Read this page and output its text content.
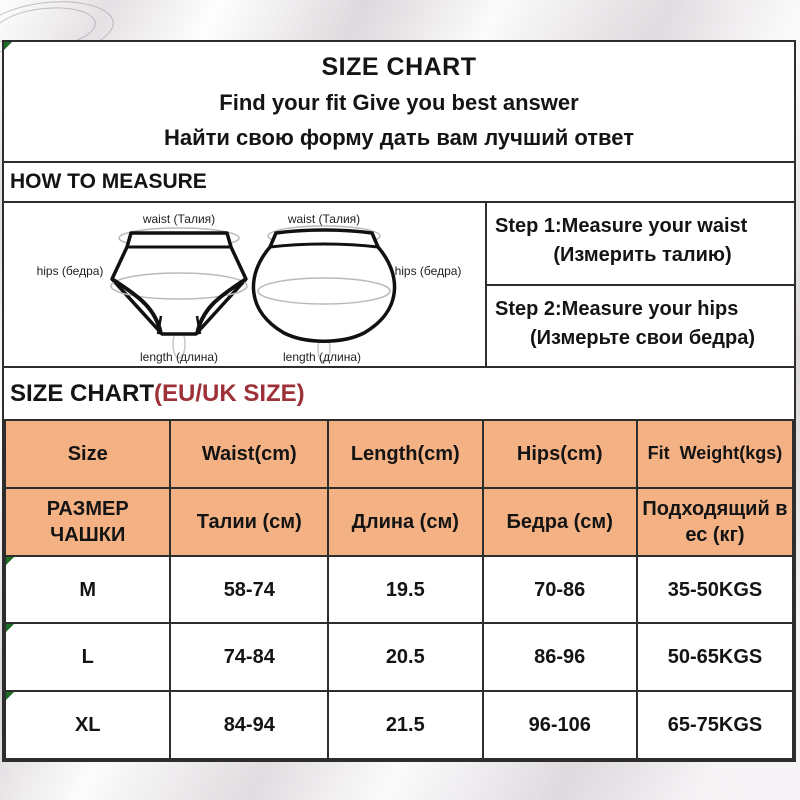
SIZE CHART
Find your fit Give you best answer
Найти свою форму дать вам лучший ответ
HOW TO MEASURE
waist (Талия)	waist (Талия)
hips (бедра)	hips (бедра)
length (длина)	length (длина)
Step 1:Measure your waist
(Измерить талию)
Step 2:Measure your hips
(Измерьте свои бедра)
SIZE CHART (EU/UK SIZE)
Size	Waist(cm)	Length(cm)	Hips(cm)	Fit  Weight(kgs)
РАЗМЕР ЧАШКИ	Талии (см)	Длина (см)	Бедра (см)	Подходящий в ес (кг)

M	58-74	19.5	70-86	35-50KGS

L	74-84	20.5	86-96	50-65KGS

XL	84-94	21.5	96-106	65-75KGS
